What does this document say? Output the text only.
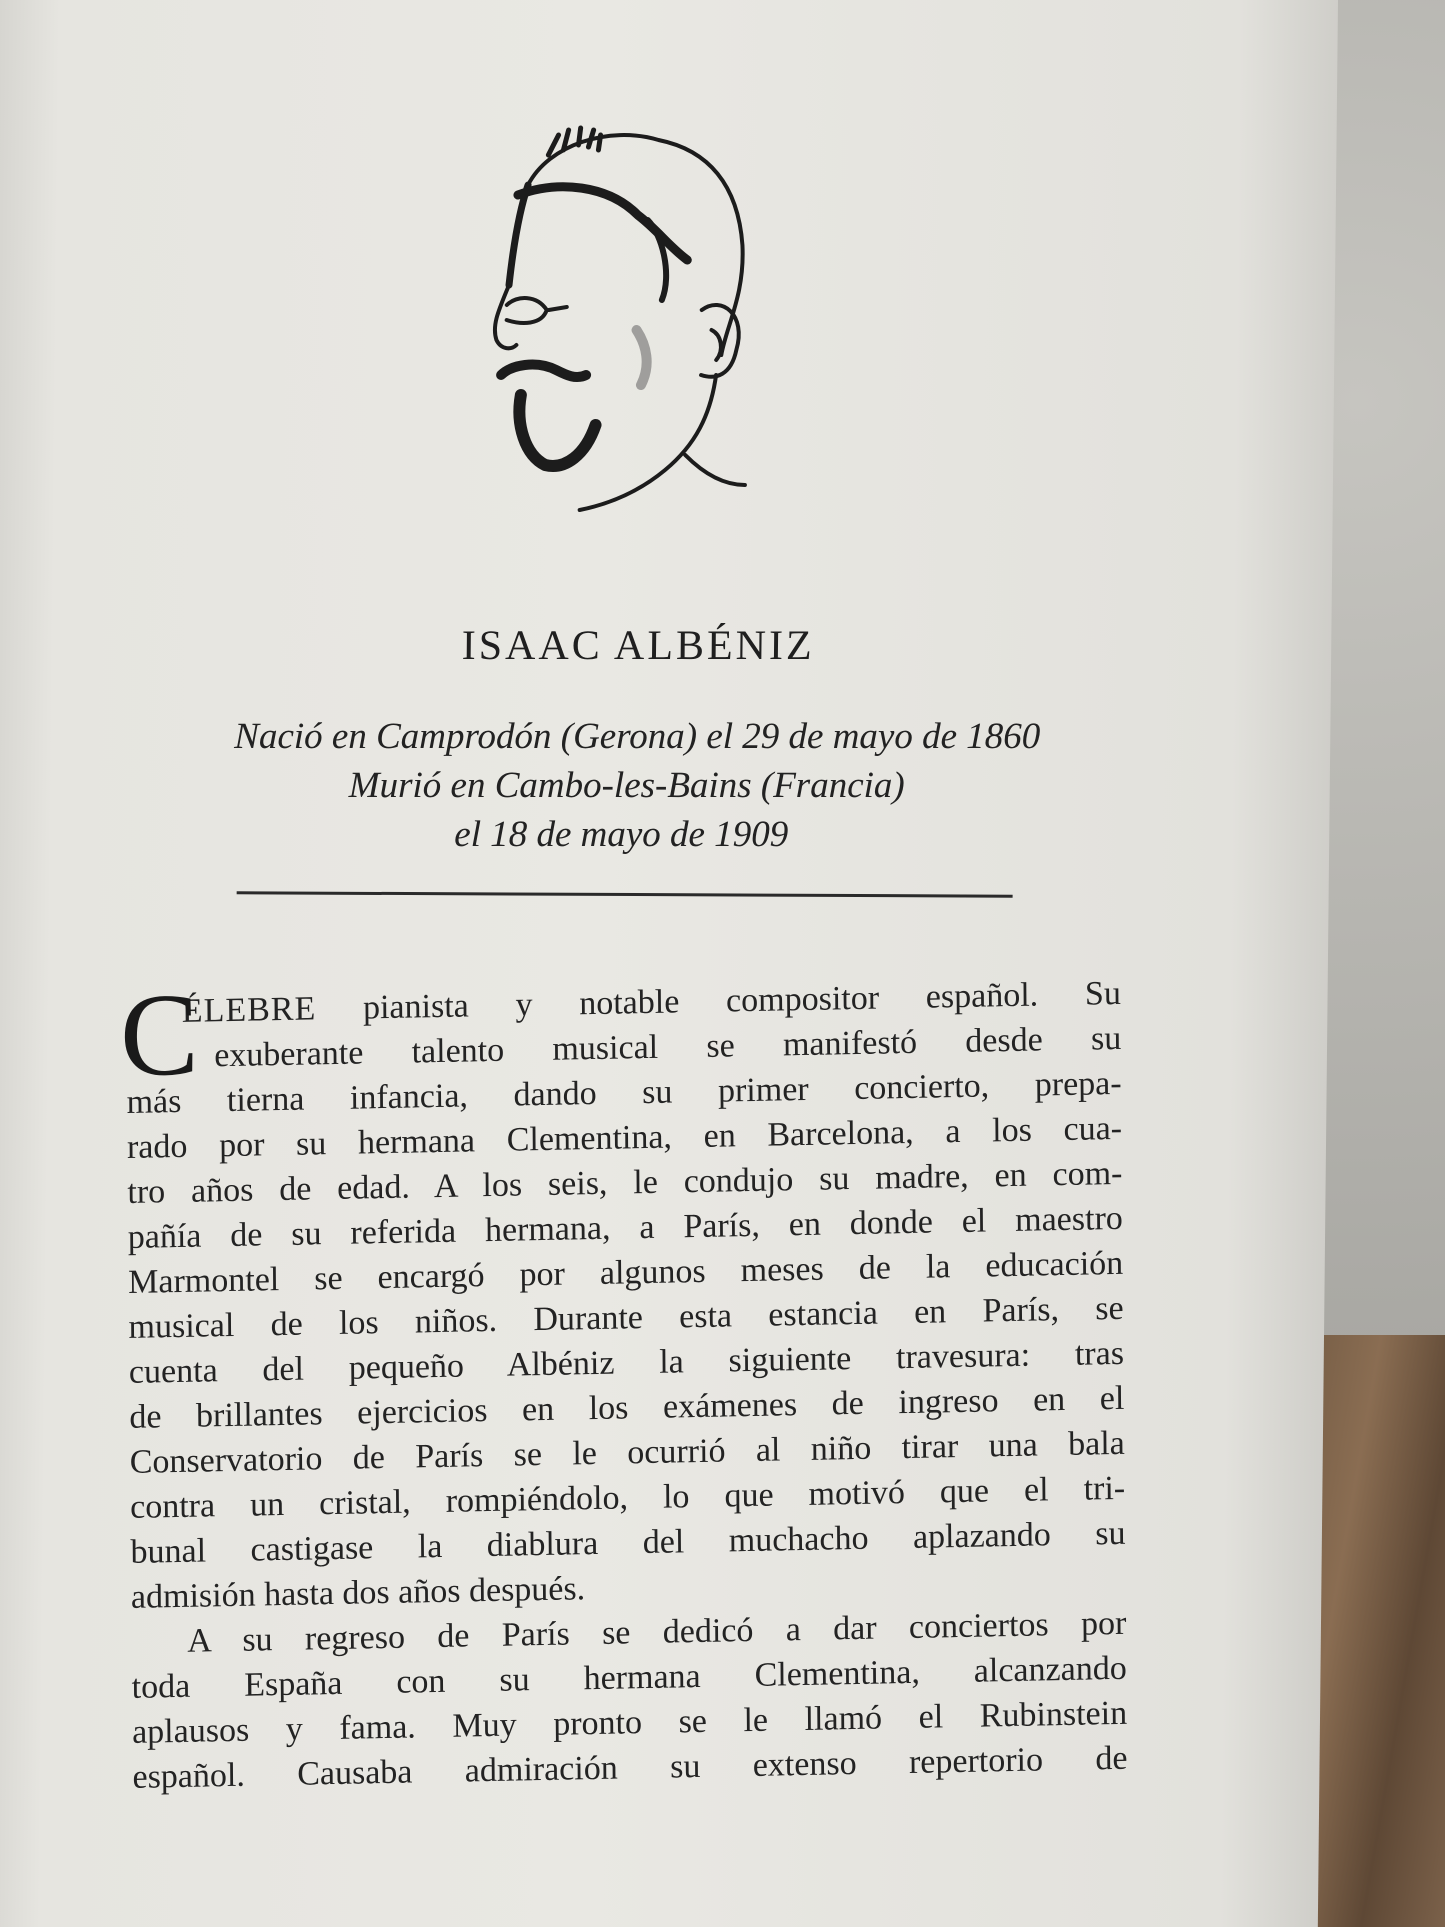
ISAAC ALBÉNIZ
Nació en Camprodón (Gerona) el 29 de mayo de 1860
Murió en Cambo-les-Bains (Francia)
el 18 de mayo de 1909
C
ÉLEBRE pianista y notable compositor español. Su
exuberante talento musical se manifestó desde su
más tierna infancia, dando su primer concierto, prepa-
rado por su hermana Clementina, en Barcelona, a los cua-
tro años de edad. A los seis, le condujo su madre, en com-
pañía de su referida hermana, a París, en donde el maestro
Marmontel se encargó por algunos meses de la educación
musical de los niños. Durante esta estancia en París, se
cuenta del pequeño Albéniz la siguiente travesura: tras
de brillantes ejercicios en los exámenes de ingreso en el
Conservatorio de París se le ocurrió al niño tirar una bala
contra un cristal, rompiéndolo, lo que motivó que el tri-
bunal castigase la diablura del muchacho aplazando su
admisión hasta dos años después.
A su regreso de París se dedicó a dar conciertos por
toda España con su hermana Clementina, alcanzando
aplausos y fama. Muy pronto se le llamó el Rubinstein
español. Causaba admiración su extenso repertorio de
